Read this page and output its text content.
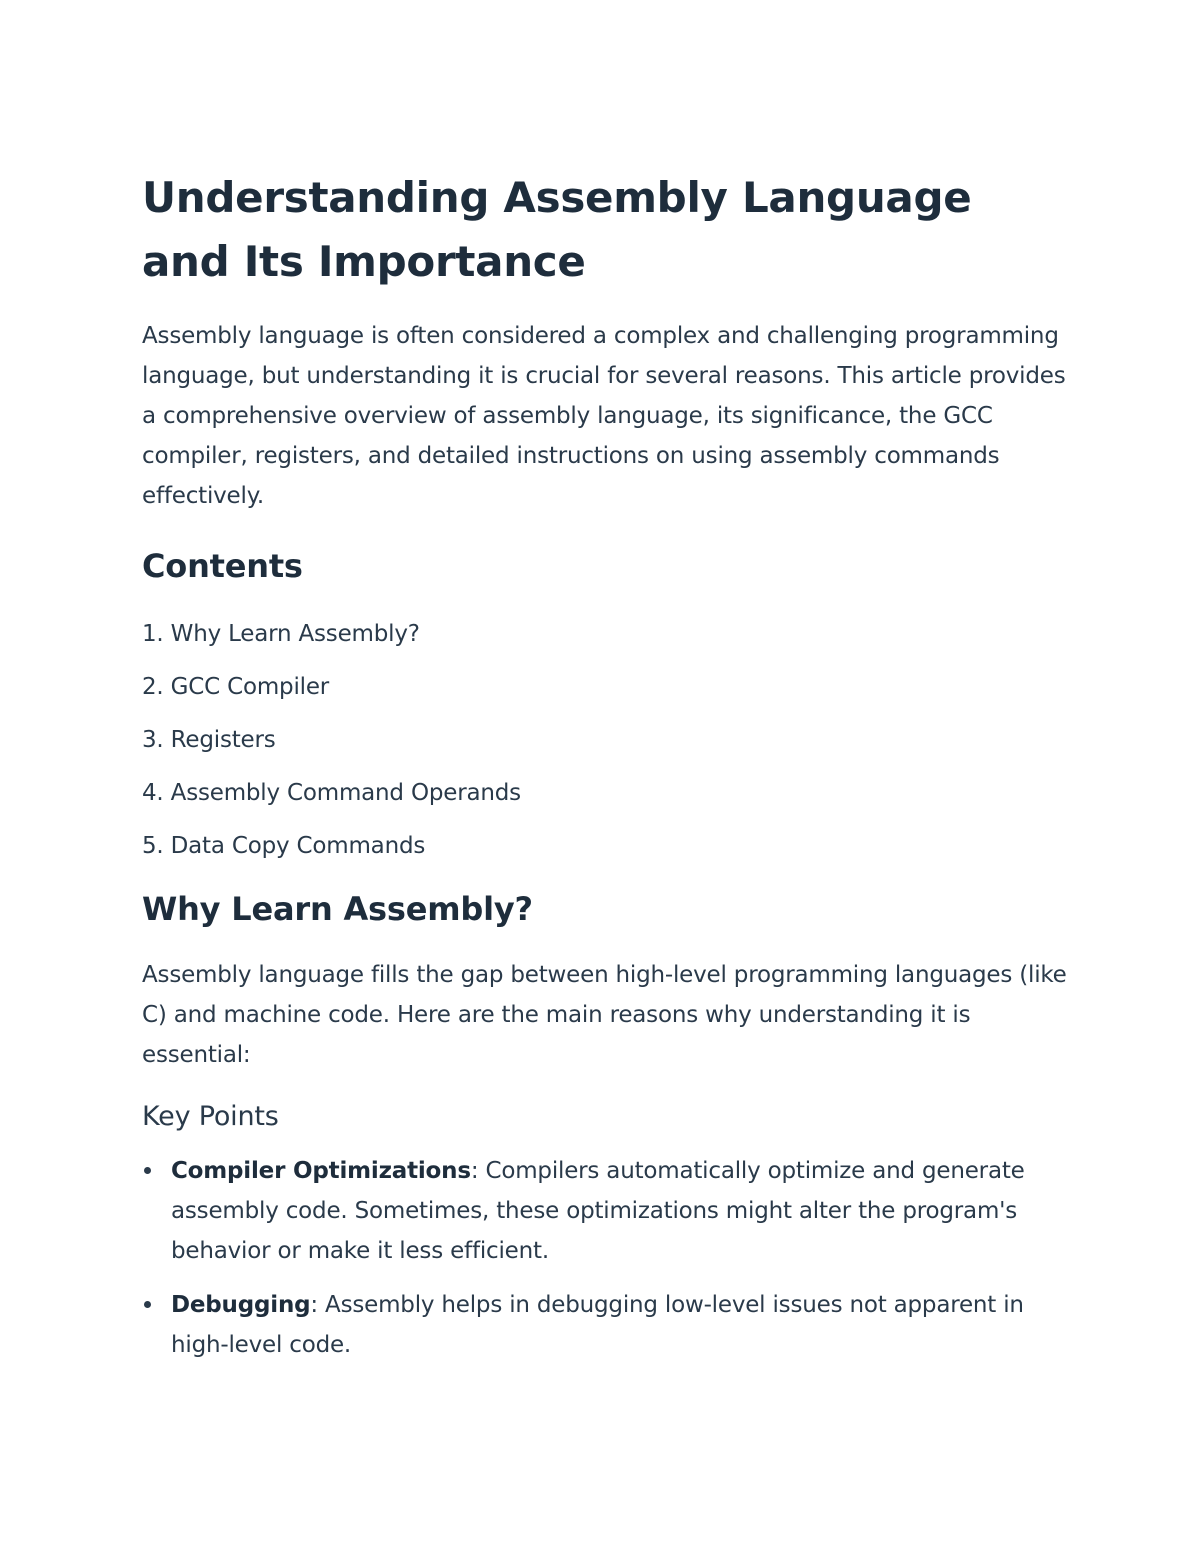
Understanding Assembly Language and Its Importance

Assembly language is often considered a complex and challenging programming language, but understanding it is crucial for several reasons. This article provides a comprehensive overview of assembly language, its significance, the GCC compiler, registers, and detailed instructions on using assembly commands effectively.

Contents
1. Why Learn Assembly?
2. GCC Compiler
3. Registers
4. Assembly Command Operands
5. Data Copy Commands
Why Learn Assembly?

Assembly language fills the gap between high-level programming languages (like C) and machine code. Here are the main reasons why understanding it is essential:

Key Points
Compiler Optimizations: Compilers automatically optimize and generate assembly code. Sometimes, these optimizations might alter the program's behavior or make it less efficient.
Debugging: Assembly helps in debugging low-level issues not apparent in high-level code.
